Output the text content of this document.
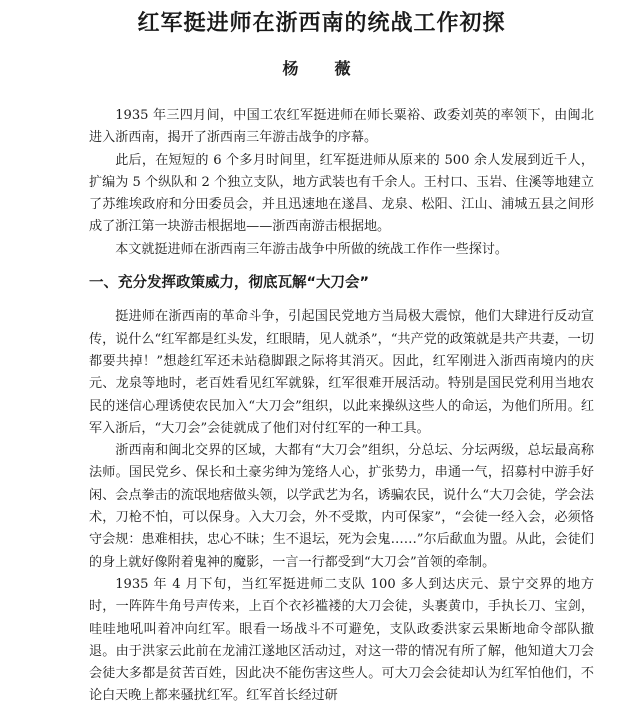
红军挺进师在浙西南的统战工作初探
杨　薇

1935 年三四月间，中国工农红军挺进师在师长粟裕、政委刘英的率领下，由闽北进入浙西南，揭开了浙西南三年游击战争的序幕。

此后，在短短的 6 个多月时间里，红军挺进师从原来的 500 余人发展到近千人，扩编为 5 个纵队和 2 个独立支队，地方武装也有千余人。王村口、玉岩、住溪等地建立了苏维埃政府和分田委员会，并且迅速地在遂昌、龙泉、松阳、江山、浦城五县之间形成了浙江第一块游击根据地——浙西南游击根据地。

本文就挺进师在浙西南三年游击战争中所做的统战工作作一些探讨。

一、充分发挥政策威力，彻底瓦解“大刀会”

挺进师在浙西南的革命斗争，引起国民党地方当局极大震惊，他们大肆进行反动宣传，说什么“红军都是红头发，红眼睛，见人就杀”，“共产党的政策就是共产共妻，一切都要共掉！”想趁红军还未站稳脚跟之际将其消灭。因此，红军刚进入浙西南境内的庆元、龙泉等地时，老百姓看见红军就躲，红军很难开展活动。特别是国民党利用当地农民的迷信心理诱使农民加入“大刀会”组织，以此来操纵这些人的命运，为他们所用。红军入浙后，“大刀会”会徒就成了他们对付红军的一种工具。

浙西南和闽北交界的区域，大都有“大刀会”组织，分总坛、分坛两级，总坛最高称法师。国民党乡、保长和土豪劣绅为笼络人心，扩张势力，串通一气，招募村中游手好闲、会点拳击的流氓地痞做头领，以学武艺为名，诱骗农民，说什么“大刀会徒，学会法术，刀枪不怕，可以保身。入大刀会，外不受欺，内可保家”，“会徒一经入会，必须恪守会规：患难相扶，忠心不昧；生不退坛，死为会鬼……”尔后歃血为盟。从此，会徒们的身上就好像附着鬼神的魔影，一言一行都受到“大刀会”首领的牵制。

1935 年 4 月下旬，当红军挺进师二支队 100 多人到达庆元、景宁交界的地方时，一阵阵牛角号声传来，上百个衣衫褴褛的大刀会徒，头裹黄巾，手执长刀、宝剑，哇哇地吼叫着冲向红军。眼看一场战斗不可避免，支队政委洪家云果断地命令部队撤退。由于洪家云此前在龙浦江遂地区活动过，对这一带的情况有所了解，他知道大刀会会徒大多都是贫苦百姓，因此决不能伤害这些人。可大刀会会徒却认为红军怕他们，不论白天晚上都来骚扰红军。红军首长经过研
